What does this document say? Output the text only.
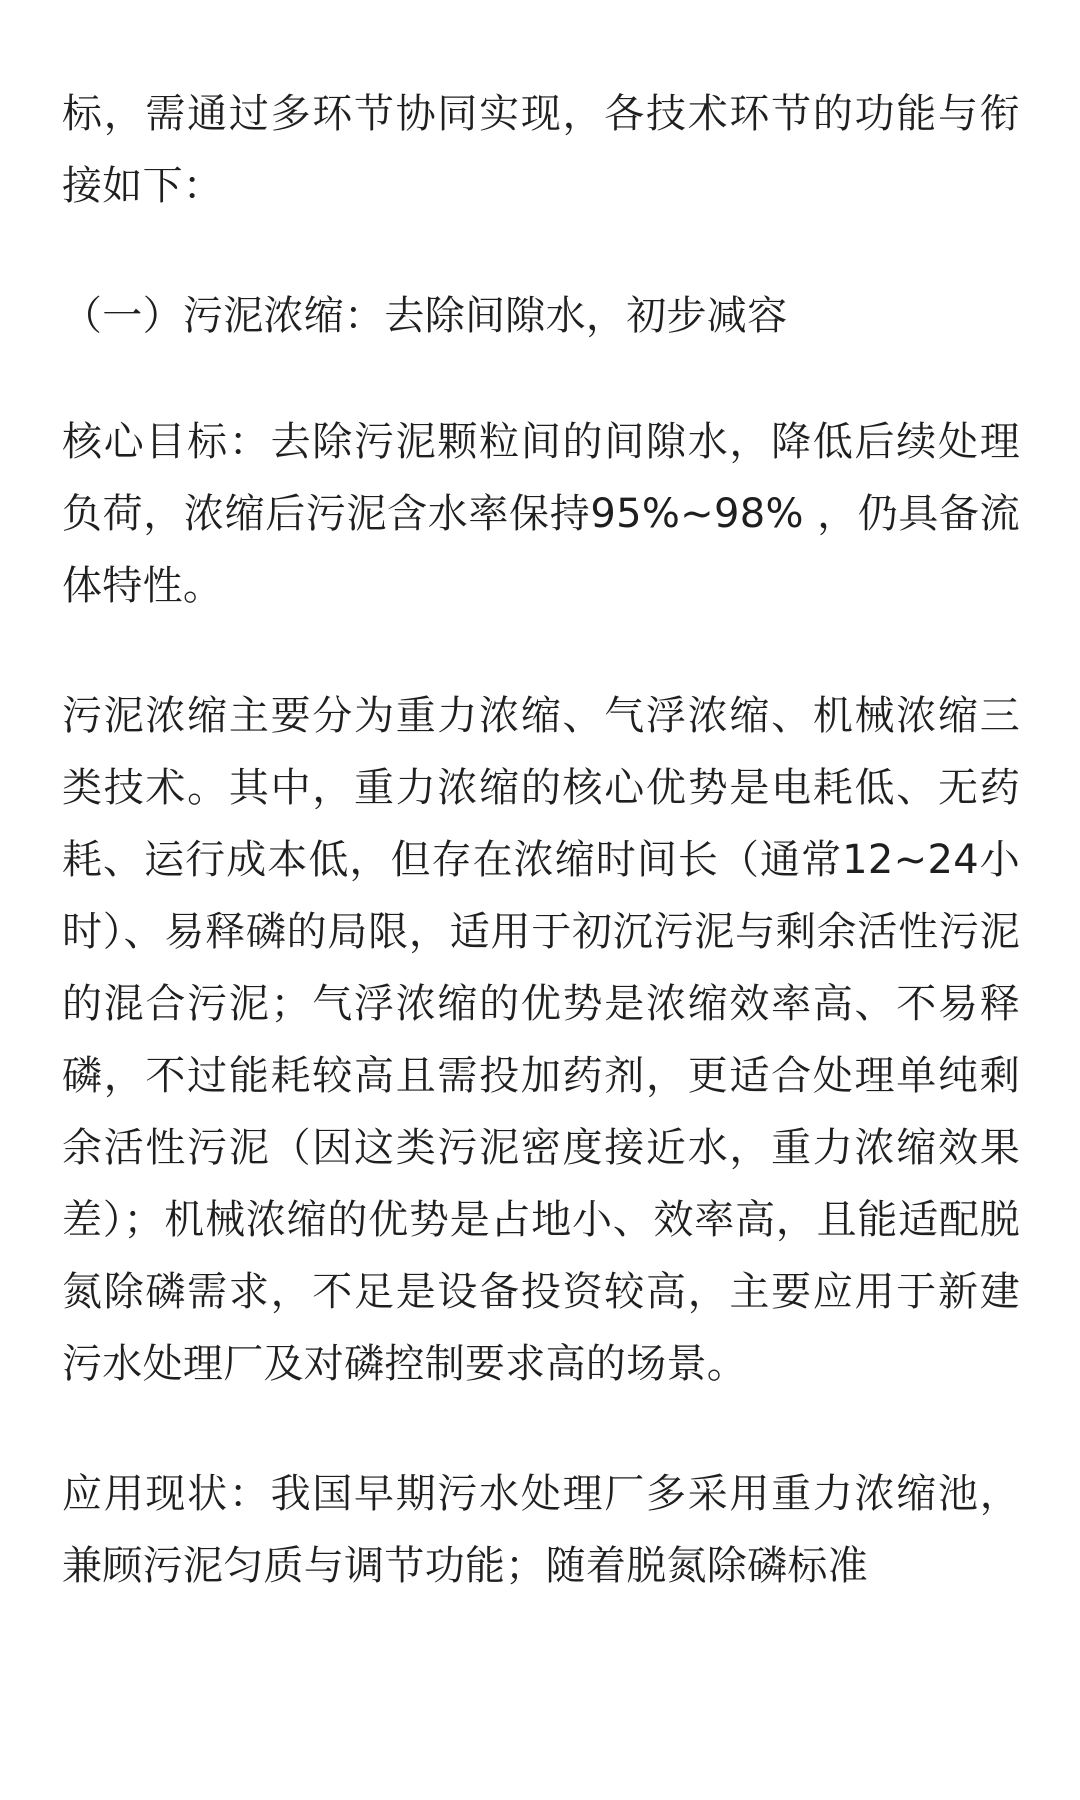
标，需通过多环节协同实现，各技术环节的功能与衔接如下：

（一）污泥浓缩：去除间隙水，初步减容

核心目标：去除污泥颗粒间的间隙水，降低后续处理负荷，浓缩后污泥含水率保持95%~98% ，仍具备流体特性。

污泥浓缩主要分为重力浓缩、气浮浓缩、机械浓缩三类技术。其中，重力浓缩的核心优势是电耗低、无药耗、运行成本低，但存在浓缩时间长（通常12~24小时）、易释磷的局限，适用于初沉污泥与剩余活性污泥的混合污泥；气浮浓缩的优势是浓缩效率高、不易释磷，不过能耗较高且需投加药剂，更适合处理单纯剩余活性污泥（因这类污泥密度接近水，重力浓缩效果差）；机械浓缩的优势是占地小、效率高，且能适配脱氮除磷需求，不足是设备投资较高，主要应用于新建污水处理厂及对磷控制要求高的场景。

应用现状：我国早期污水处理厂多采用重力浓缩池，兼顾污泥匀质与调节功能；随着脱氮除磷标准
